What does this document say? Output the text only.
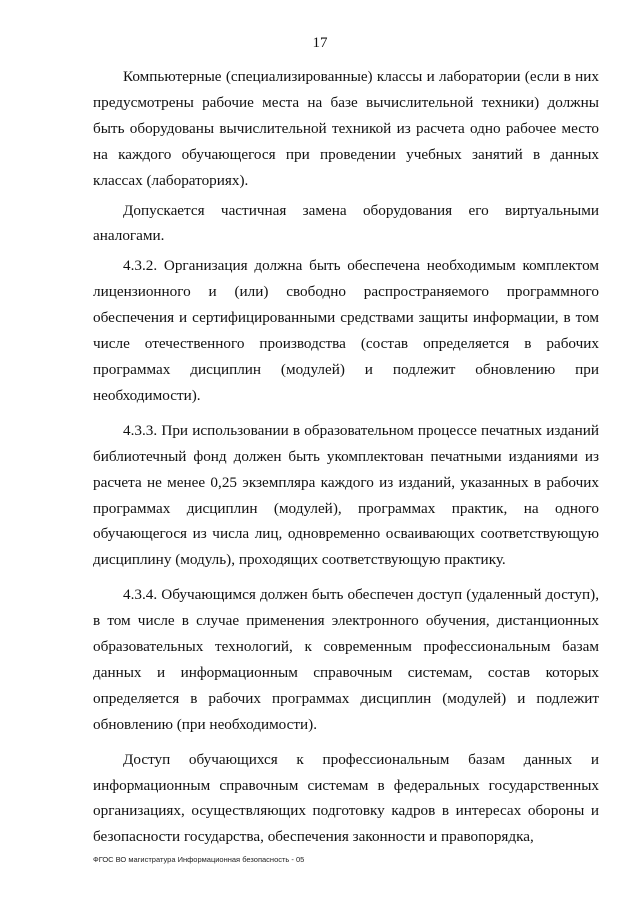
17

Компьютерные (специализированные) классы и лаборатории (если в них предусмотрены рабочие места на базе вычислительной техники) должны быть оборудованы вычислительной техникой из расчета одно рабочее место на каждого обучающегося при проведении учебных занятий в данных классах (лабораториях).

Допускается частичная замена оборудования его виртуальными аналогами.

4.3.2. Организация должна быть обеспечена необходимым комплектом лицензионного и (или) свободно распространяемого программного обеспечения и сертифицированными средствами защиты информации, в том числе отечественного производства (состав определяется в рабочих программах дисциплин (модулей) и подлежит обновлению при необходимости).

4.3.3. При использовании в образовательном процессе печатных изданий библиотечный фонд должен быть укомплектован печатными изданиями из расчета не менее 0,25 экземпляра каждого из изданий, указанных в рабочих программах дисциплин (модулей), программах практик, на одного обучающегося из числа лиц, одновременно осваивающих соответствующую дисциплину (модуль), проходящих соответствующую практику.

4.3.4. Обучающимся должен быть обеспечен доступ (удаленный доступ), в том числе в случае применения электронного обучения, дистанционных образовательных технологий, к современным профессиональным базам данных и информационным справочным системам, состав которых определяется в рабочих программах дисциплин (модулей) и подлежит обновлению (при необходимости).

Доступ обучающихся к профессиональным базам данных и информационным справочным системам в федеральных государственных организациях, осуществляющих подготовку кадров в интересах обороны и безопасности государства, обеспечения законности и правопорядка,

ФГОС ВО магистратура Информационная безопасность - 05
